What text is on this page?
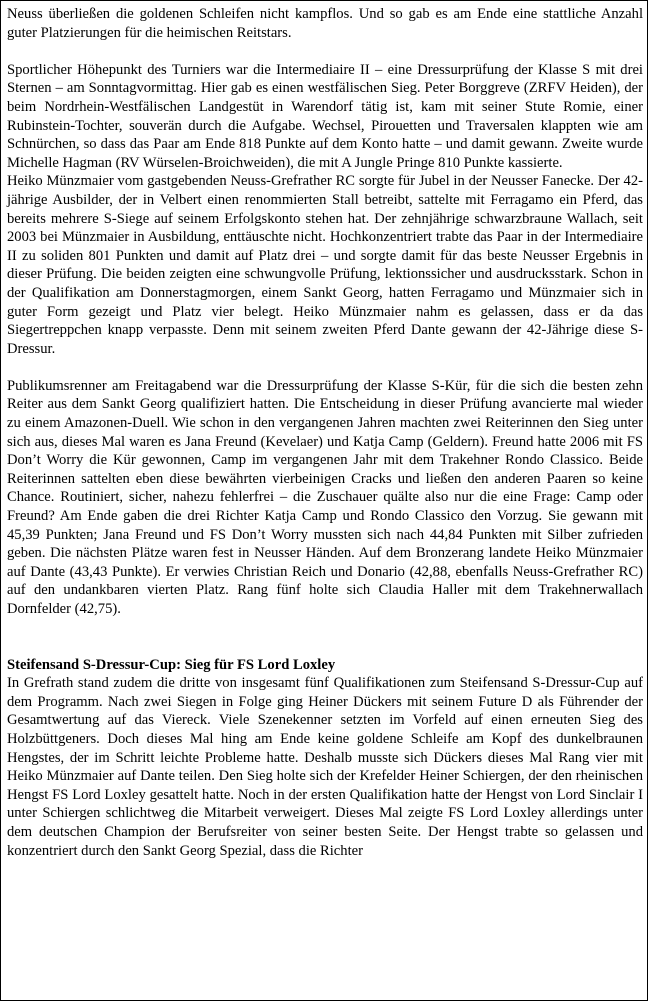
Neuss überließen die goldenen Schleifen nicht kampflos. Und so gab es am Ende eine stattliche Anzahl guter Platzierungen für die heimischen Reitstars.

Sportlicher Höhepunkt des Turniers war die Intermediaire II – eine Dressurprüfung der Klasse S mit drei Sternen – am Sonntagvormittag. Hier gab es einen westfälischen Sieg. Peter Borggreve (ZRFV Heiden), der beim Nordrhein-Westfälischen Landgestüt in Warendorf tätig ist, kam mit seiner Stute Romie, einer Rubinstein-Tochter, souverän durch die Aufgabe. Wechsel, Pirouetten und Traversalen klappten wie am Schnürchen, so dass das Paar am Ende 818 Punkte auf dem Konto hatte – und damit gewann. Zweite wurde Michelle Hagman (RV Würselen-Broichweiden), die mit A Jungle Pringe 810 Punkte kassierte.

Heiko Münzmaier vom gastgebenden Neuss-Grefrather RC sorgte für Jubel in der Neusser Fanecke. Der 42-jährige Ausbilder, der in Velbert einen renommierten Stall betreibt, sattelte mit Ferragamo ein Pferd, das bereits mehrere S-Siege auf seinem Erfolgskonto stehen hat. Der zehnjährige schwarzbraune Wallach, seit 2003 bei Münzmaier in Ausbildung, enttäuschte nicht. Hochkonzentriert trabte das Paar in der Intermediaire II zu soliden 801 Punkten und damit auf Platz drei – und sorgte damit für das beste Neusser Ergebnis in dieser Prüfung. Die beiden zeigten eine schwungvolle Prüfung, lektionssicher und ausdrucksstark. Schon in der Qualifikation am Donnerstagmorgen, einem Sankt Georg, hatten Ferragamo und Münzmaier sich in guter Form gezeigt und Platz vier belegt. Heiko Münzmaier nahm es gelassen, dass er da das Siegertreppchen knapp verpasste. Denn mit seinem zweiten Pferd Dante gewann der 42-Jährige diese S-Dressur.

Publikumsrenner am Freitagabend war die Dressurprüfung der Klasse S-Kür, für die sich die besten zehn Reiter aus dem Sankt Georg qualifiziert hatten. Die Entscheidung in dieser Prüfung avancierte mal wieder zu einem Amazonen-Duell. Wie schon in den vergangenen Jahren machten zwei Reiterinnen den Sieg unter sich aus, dieses Mal waren es Jana Freund (Kevelaer) und Katja Camp (Geldern). Freund hatte 2006 mit FS Don’t Worry die Kür gewonnen, Camp im vergangenen Jahr mit dem Trakehner Rondo Classico. Beide Reiterinnen sattelten eben diese bewährten vierbeinigen Cracks und ließen den anderen Paaren so keine Chance. Routiniert, sicher, nahezu fehlerfrei – die Zuschauer quälte also nur die eine Frage: Camp oder Freund? Am Ende gaben die drei Richter Katja Camp und Rondo Classico den Vorzug. Sie gewann mit 45,39 Punkten; Jana Freund und FS Don’t Worry mussten sich nach 44,84 Punkten mit Silber zufrieden geben. Die nächsten Plätze waren fest in Neusser Händen. Auf dem Bronzerang landete Heiko Münzmaier auf Dante (43,43 Punkte). Er verwies Christian Reich und Donario (42,88, ebenfalls Neuss-Grefrather RC) auf den undankbaren vierten Platz. Rang fünf holte sich Claudia Haller mit dem Trakehnerwallach Dornfelder (42,75).

Steifensand S-Dressur-Cup: Sieg für FS Lord Loxley

In Grefrath stand zudem die dritte von insgesamt fünf Qualifikationen zum Steifensand S-Dressur-Cup auf dem Programm. Nach zwei Siegen in Folge ging Heiner Dückers mit seinem Future D als Führender der Gesamtwertung auf das Viereck. Viele Szenekenner setzten im Vorfeld auf einen erneuten Sieg des Holzbüttgeners. Doch dieses Mal hing am Ende keine goldene Schleife am Kopf des dunkelbraunen Hengstes, der im Schritt leichte Probleme hatte. Deshalb musste sich Dückers dieses Mal Rang vier mit Heiko Münzmaier auf Dante teilen. Den Sieg holte sich der Krefelder Heiner Schiergen, der den rheinischen Hengst FS Lord Loxley gesattelt hatte. Noch in der ersten Qualifikation hatte der Hengst von Lord Sinclair I unter Schiergen schlichtweg die Mitarbeit verweigert. Dieses Mal zeigte FS Lord Loxley allerdings unter dem deutschen Champion der Berufsreiter von seiner besten Seite. Der Hengst trabte so gelassen und konzentriert durch den Sankt Georg Spezial, dass die Richter
